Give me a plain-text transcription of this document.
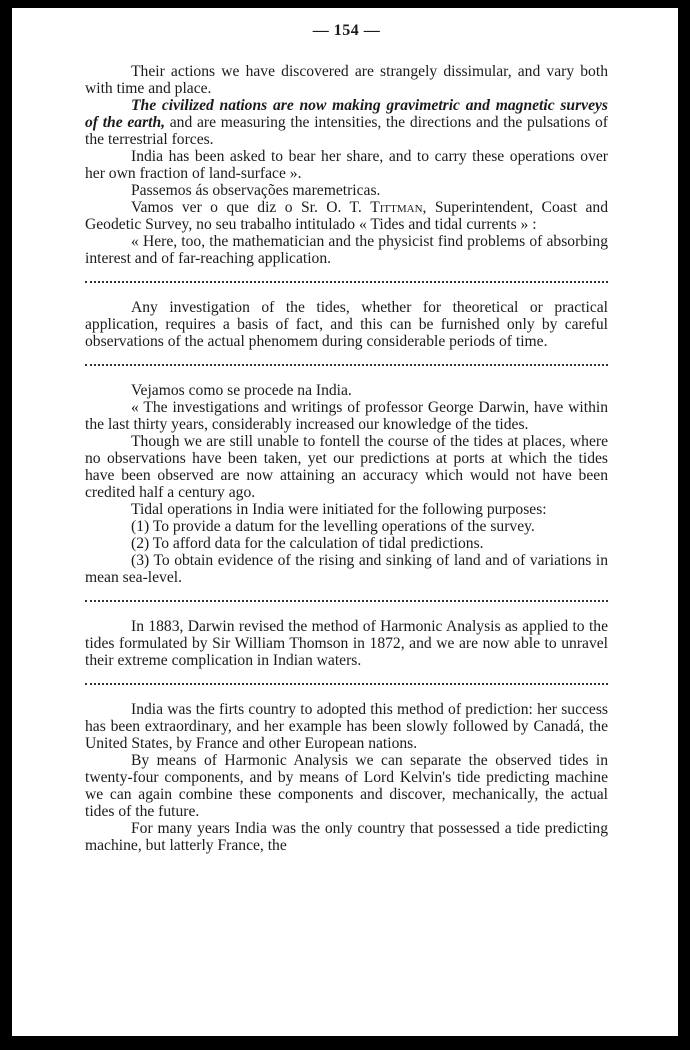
— 154 —

Their actions we have discovered are strangely dissimular, and vary both with time and place.

The civilized nations are now making gravimetric and magnetic surveys of the earth, and are measuring the intensities, the directions and the pulsations of the terrestrial forces.

India has been asked to bear her share, and to carry these operations over her own fraction of land-surface ».

Passemos ás observações maremetricas.

Vamos ver o que diz o Sr. O. T. Tittman, Superintendent, Coast and Geodetic Survey, no seu trabalho intitulado « Tides and tidal currents » :

« Here, too, the mathematician and the physicist find problems of absorbing interest and of far-reaching application.

Any investigation of the tides, whether for theoretical or practical application, requires a basis of fact, and this can be furnished only by careful observations of the actual phenomem during considerable periods of time.

Vejamos como se procede na India.

« The investigations and writings of professor George Darwin, have within the last thirty years, considerably increased our knowledge of the tides.

Though we are still unable to fontell the course of the tides at places, where no observations have been taken, yet our predictions at ports at which the tides have been observed are now attaining an accuracy which would not have been credited half a century ago.

Tidal operations in India were initiated for the following purposes:

(1) To provide a datum for the levelling operations of the survey.

(2) To afford data for the calculation of tidal predictions.

(3) To obtain evidence of the rising and sinking of land and of variations in mean sea-level.

In 1883, Darwin revised the method of Harmonic Analysis as applied to the tides formulated by Sir William Thomson in 1872, and we are now able to unravel their extreme complication in Indian waters.

India was the firts country to adopted this method of prediction: her success has been extraordinary, and her example has been slowly followed by Canadá, the United States, by France and other European nations.

By means of Harmonic Analysis we can separate the observed tides in twenty-four components, and by means of Lord Kelvin's tide predicting machine we can again combine these components and discover, mechanically, the actual tides of the future.

For many years India was the only country that possessed a tide predicting machine, but latterly France, the
